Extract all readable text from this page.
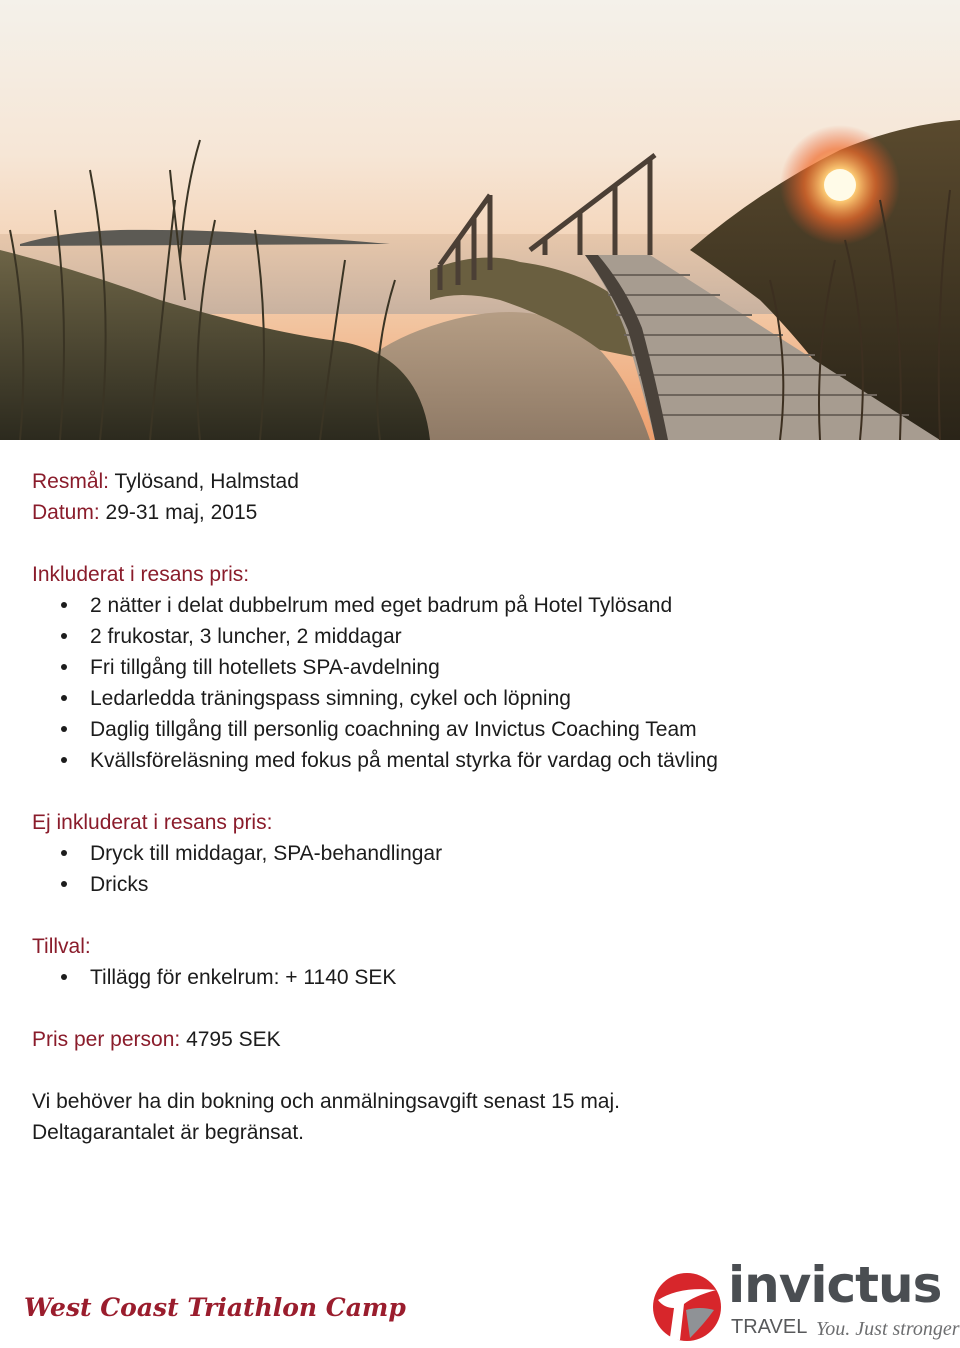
Resmål: Tylösand, Halmstad

Datum: 29-31 maj, 2015

Inkluderat i resans pris:

2 nätter i delat dubbelrum med eget badrum på Hotel Tylösand
2 frukostar, 3 luncher, 2 middagar
Fri tillgång till hotellets SPA-avdelning
Ledarledda träningspass simning, cykel och löpning
Daglig tillgång till personlig coachning av Invictus Coaching Team
Kvällsföreläsning med fokus på mental styrka för vardag och tävling

Ej inkluderat i resans pris:

Dryck till middagar, SPA-behandlingar
Dricks

Tillval:

Tillägg för enkelrum: + 1140 SEK

Pris per person: 4795 SEK

Vi behöver ha din bokning och anmälningsavgift senast 15 maj.

Deltagarantalet är begränsat.

West Coast Triathlon Camp	invictus
TRAVEL You. Just stronger
